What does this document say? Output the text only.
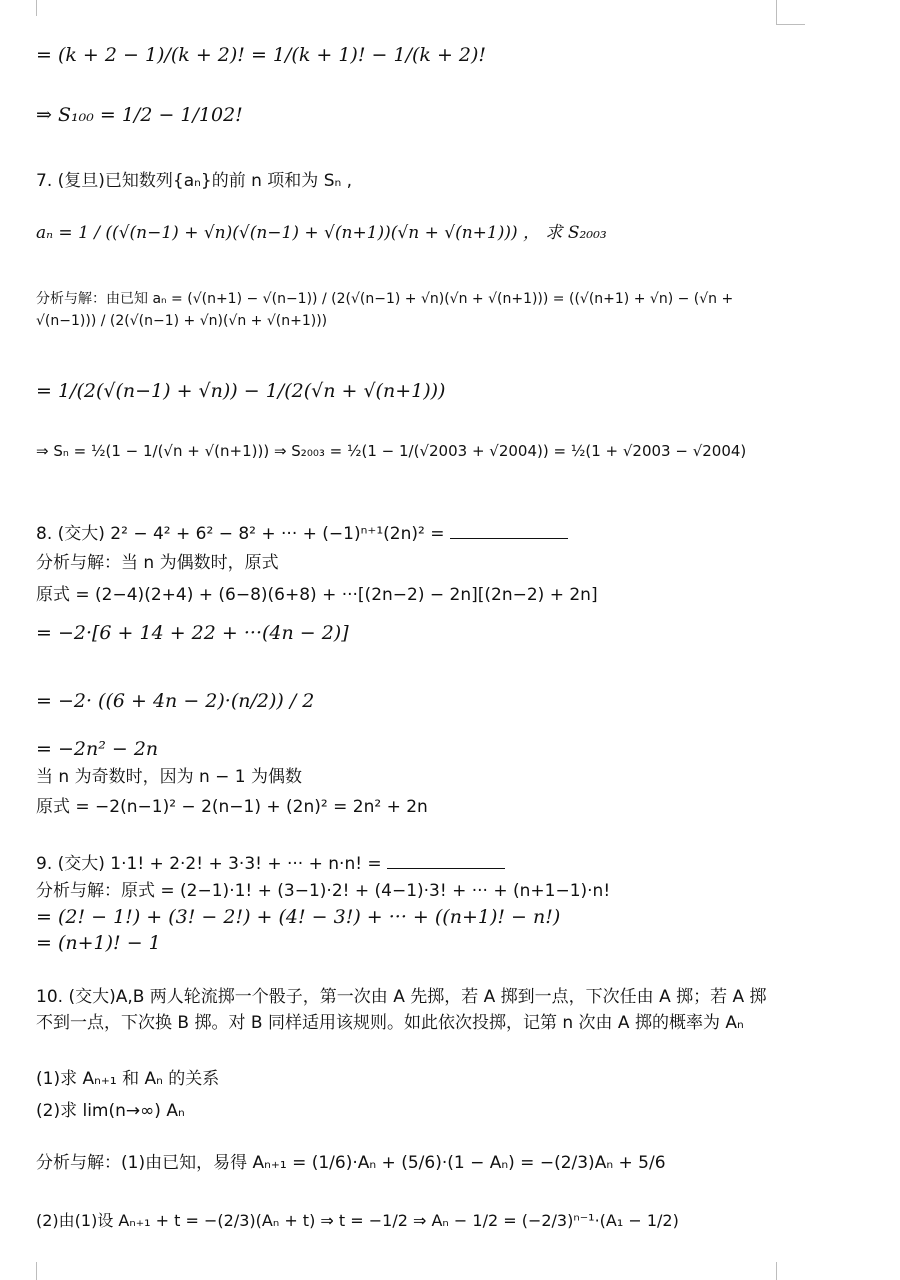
= (k + 2 − 1)/(k + 2)! = 1/(k + 1)! − 1/(k + 2)!
⇒ S₁₀₀ = 1/2 − 1/102!
7. (复旦)已知数列{aₙ}的前 n 项和为 Sₙ ,
aₙ = 1 / ((√(n−1) + √n)(√(n−1) + √(n+1))(√n + √(n+1))) ， 求 S₂₀₀₃
分析与解：由已知 aₙ = (√(n+1) − √(n−1)) / (2(√(n−1) + √n)(√n + √(n+1))) = ((√(n+1) + √n) − (√n + √(n−1))) / (2(√(n−1) + √n)(√n + √(n+1)))
= 1/(2(√(n−1) + √n)) − 1/(2(√n + √(n+1)))
⇒ Sₙ = ½(1 − 1/(√n + √(n+1))) ⇒ S₂₀₀₃ = ½(1 − 1/(√2003 + √2004)) = ½(1 + √2003 − √2004)
8. (交大) 2² − 4² + 6² − 8² + ··· + (−1)ⁿ⁺¹(2n)² =
分析与解：当 n 为偶数时，原式
原式 = (2−4)(2+4) + (6−8)(6+8) + ···[(2n−2) − 2n][(2n−2) + 2n]
= −2·[6 + 14 + 22 + ···(4n − 2)]
= −2· ((6 + 4n − 2)·(n/2)) / 2
= −2n² − 2n
当 n 为奇数时，因为 n − 1 为偶数
原式 = −2(n−1)² − 2(n−1) + (2n)² = 2n² + 2n
9. (交大) 1·1! + 2·2! + 3·3! + ··· + n·n! =
分析与解：原式 = (2−1)·1! + (3−1)·2! + (4−1)·3! + ··· + (n+1−1)·n!
= (2! − 1!) + (3! − 2!) + (4! − 3!) + ··· + ((n+1)! − n!)
= (n+1)! − 1
10. (交大)A,B 两人轮流掷一个骰子，第一次由 A 先掷，若 A 掷到一点，下次任由 A 掷；若 A 掷不到一点，下次换 B 掷。对 B 同样适用该规则。如此依次投掷，记第 n 次由 A 掷的概率为 Aₙ
(1)求 Aₙ₊₁ 和 Aₙ 的关系
(2)求 lim(n→∞) Aₙ
分析与解：(1)由已知，易得 Aₙ₊₁ = (1/6)·Aₙ + (5/6)·(1 − Aₙ) = −(2/3)Aₙ + 5/6
(2)由(1)设 Aₙ₊₁ + t = −(2/3)(Aₙ + t) ⇒ t = −1/2 ⇒ Aₙ − 1/2 = (−2/3)ⁿ⁻¹·(A₁ − 1/2)
